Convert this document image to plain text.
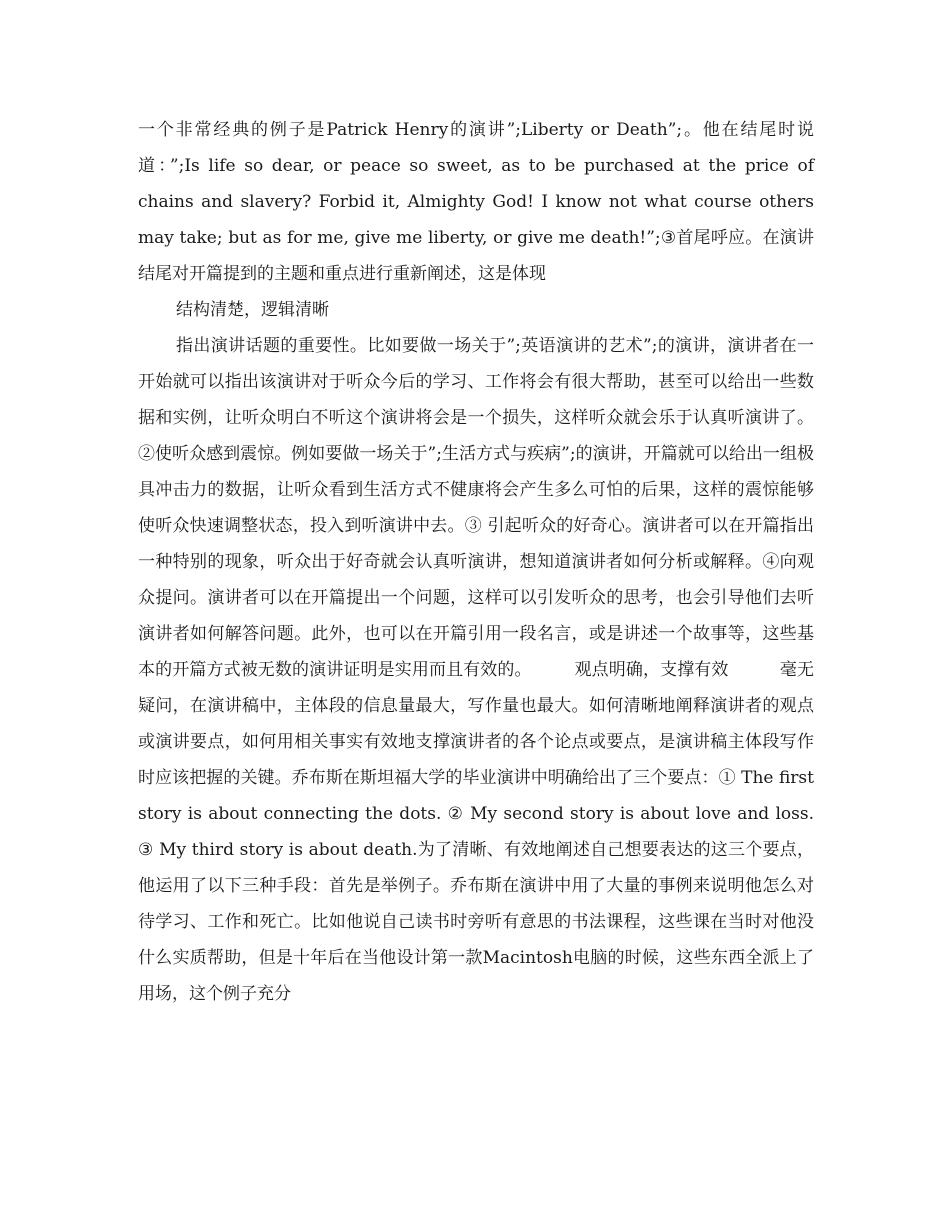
一个非常经典的例子是Patrick Henry的演讲”;Liberty or Death”;。他在结尾时说道：”;Is life so dear, or peace so sweet, as to be purchased at the price of chains and slavery? Forbid it, Almighty God! I know not what course others may take; but as for me, give me liberty, or give me death!”;③首尾呼应。在演讲结尾对开篇提到的主题和重点进行重新阐述，这是体现

结构清楚，逻辑清晰

指出演讲话题的重要性。比如要做一场关于”;英语演讲的艺术”;的演讲，演讲者在一开始就可以指出该演讲对于听众今后的学习、工作将会有很大帮助，甚至可以给出一些数据和实例，让听众明白不听这个演讲将会是一个损失，这样听众就会乐于认真听演讲了。②使听众感到震惊。例如要做一场关于”;生活方式与疾病”;的演讲，开篇就可以给出一组极具冲击力的数据，让听众看到生活方式不健康将会产生多么可怕的后果，这样的震惊能够使听众快速调整状态，投入到听演讲中去。③ 引起听众的好奇心。演讲者可以在开篇指出一种特别的现象，听众出于好奇就会认真听演讲，想知道演讲者如何分析或解释。④向观众提问。演讲者可以在开篇提出一个问题，这样可以引发听众的思考，也会引导他们去听演讲者如何解答问题。此外，也可以在开篇引用一段名言，或是讲述一个故事等，这些基本的开篇方式被无数的演讲证明是实用而且有效的。　　　观点明确，支撑有效　　　毫无疑问，在演讲稿中，主体段的信息量最大，写作量也最大。如何清晰地阐释演讲者的观点或演讲要点，如何用相关事实有效地支撑演讲者的各个论点或要点，是演讲稿主体段写作时应该把握的关键。乔布斯在斯坦福大学的毕业演讲中明确给出了三个要点：① The first story is about connecting the dots. ② My second story is about love and loss. ③ My third story is about death.为了清晰、有效地阐述自己想要表达的这三个要点，他运用了以下三种手段：首先是举例子。乔布斯在演讲中用了大量的事例来说明他怎么对待学习、工作和死亡。比如他说自己读书时旁听有意思的书法课程，这些课在当时对他没什么实质帮助，但是十年后在当他设计第一款Macintosh电脑的时候，这些东西全派上了用场，这个例子充分
